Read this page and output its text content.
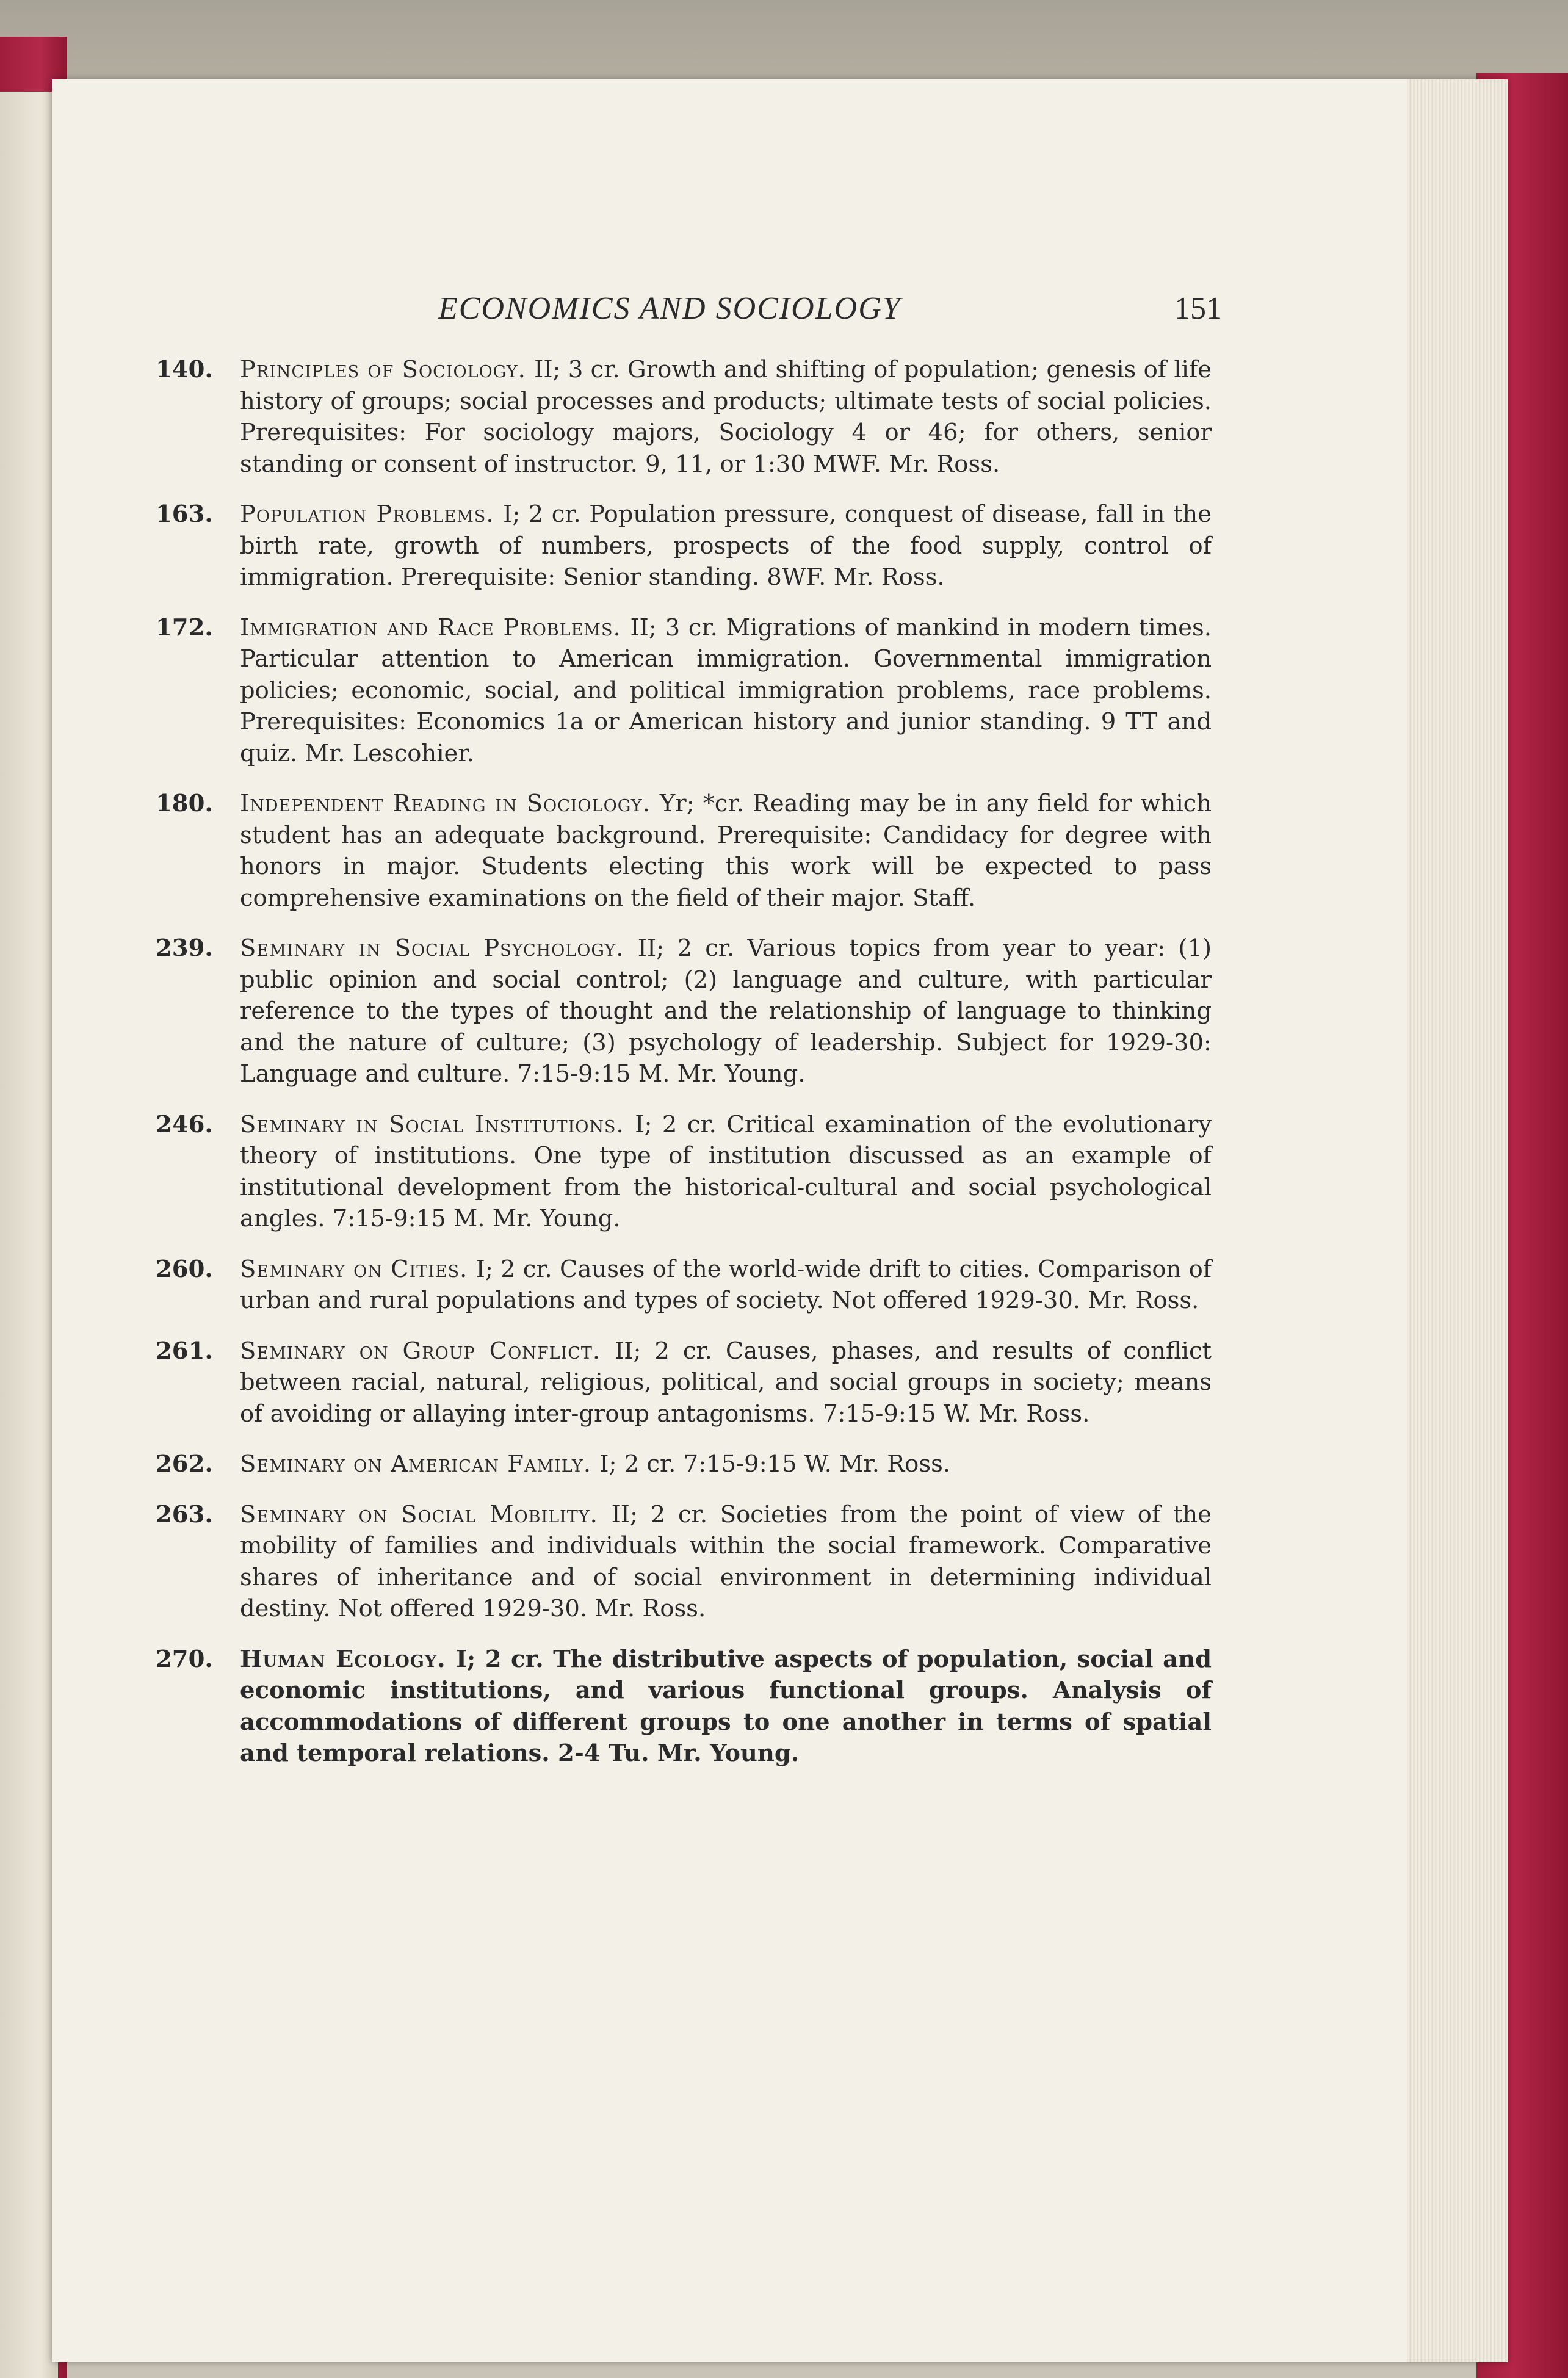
ECONOMICS AND SOCIOLOGY	151
140. Principles of Sociology. II; 3 cr. Growth and shifting of population; genesis of life history of groups; social processes and products; ultimate tests of social policies. Prerequisites: For sociology majors, Sociology 4 or 46; for others, senior standing or consent of instructor. 9, 11, or 1:30 MWF. Mr. Ross.
163. Population Problems. I; 2 cr. Population pressure, conquest of disease, fall in the birth rate, growth of numbers, prospects of the food supply, control of immigration. Prerequisite: Senior standing. 8WF. Mr. Ross.
172. Immigration and Race Problems. II; 3 cr. Migrations of mankind in modern times. Particular attention to American immigration. Governmental immigration policies; economic, social, and political immigration problems, race problems. Prerequisites: Economics 1a or American history and junior standing. 9 TT and quiz. Mr. Lescohier.
180. Independent Reading in Sociology. Yr; *cr. Reading may be in any field for which student has an adequate background. Prerequisite: Candidacy for degree with honors in major. Students electing this work will be expected to pass comprehensive examinations on the field of their major. Staff.
239. Seminary in Social Psychology. II; 2 cr. Various topics from year to year: (1) public opinion and social control; (2) language and culture, with particular reference to the types of thought and the relationship of language to thinking and the nature of culture; (3) psychology of leadership. Subject for 1929-30: Language and culture. 7:15-9:15 M. Mr. Young.
246. Seminary in Social Institutions. I; 2 cr. Critical examination of the evolutionary theory of institutions. One type of institution discussed as an example of institutional development from the historical-cultural and social psychological angles. 7:15-9:15 M. Mr. Young.
260. Seminary on Cities. I; 2 cr. Causes of the world-wide drift to cities. Comparison of urban and rural populations and types of society. Not offered 1929-30. Mr. Ross.
261. Seminary on Group Conflict. II; 2 cr. Causes, phases, and results of conflict between racial, natural, religious, political, and social groups in society; means of avoiding or allaying inter-group antagonisms. 7:15-9:15 W. Mr. Ross.
262. Seminary on American Family. I; 2 cr. 7:15-9:15 W. Mr. Ross.
263. Seminary on Social Mobility. II; 2 cr. Societies from the point of view of the mobility of families and individuals within the social framework. Comparative shares of inheritance and of social environment in determining individual destiny. Not offered 1929-30. Mr. Ross.
270. Human Ecology. I; 2 cr. The distributive aspects of population, social and economic institutions, and various functional groups. Analysis of accommodations of different groups to one another in terms of spatial and temporal relations. 2-4 Tu. Mr. Young.
